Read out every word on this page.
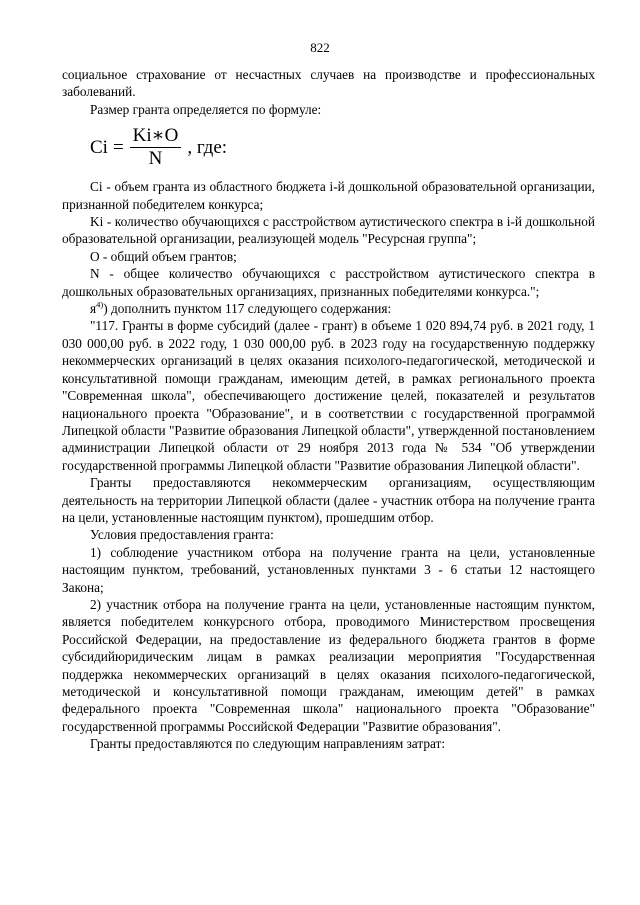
822

социальное страхование от несчастных случаев на производстве и профессиональных заболеваний.

Размер гранта определяется по формуле:

$Ci = \frac{Ki∗O}{N}$ , где:

Ci - объем гранта из областного бюджета i-й дошкольной образовательной организации, признанной победителем конкурса;

Ki - количество обучающихся с расстройством аутистического спектра в i-й дошкольной образовательной организации, реализующей модель "Ресурсная группа";

O - общий объем грантов;

N - общее количество обучающихся с расстройством аутистического спектра в дошкольных образовательных организациях, признанных победителями конкурса.";

$я^{4)}$) дополнить пунктом 117 следующего содержания:

"117. Гранты в форме субсидий (далее - грант) в объеме 1 020 894,74 руб. в 2021 году, 1 030 000,00 руб. в 2022 году, 1 030 000,00 руб. в 2023 году на государственную поддержку некоммерческих организаций в целях оказания психолого-педагогической, методической и консультативной помощи гражданам, имеющим детей, в рамках регионального проекта "Современная школа", обеспечивающего достижение целей, показателей и результатов национального проекта "Образование", и в соответствии с государственной программой Липецкой области "Развитие образования Липецкой области", утвержденной постановлением администрации Липецкой области от 29 ноября 2013 года № 534 "Об утверждении государственной программы Липецкой области "Развитие образования Липецкой области".

Гранты предоставляются некоммерческим организациям, осуществляющим деятельность на территории Липецкой области (далее - участник отбора на получение гранта на цели, установленные настоящим пунктом), прошедшим отбор.

Условия предоставления гранта:

1) соблюдение участником отбора на получение гранта на цели, установленные настоящим пунктом, требований, установленных пунктами 3 - 6 статьи 12 настоящего Закона;

2) участник отбора на получение гранта на цели, установленные настоящим пунктом, является победителем конкурсного отбора, проводимого Министерством просвещения Российской Федерации, на предоставление из федерального бюджета грантов в форме субсидийюридическим лицам в рамках реализации мероприятия "Государственная поддержка некоммерческих организаций в целях оказания психолого-педагогической, методической и консультативной помощи гражданам, имеющим детей" в рамках федерального проекта "Современная школа" национального проекта "Образование" государственной программы Российской Федерации "Развитие образования".

Гранты предоставляются по следующим направлениям затрат:
